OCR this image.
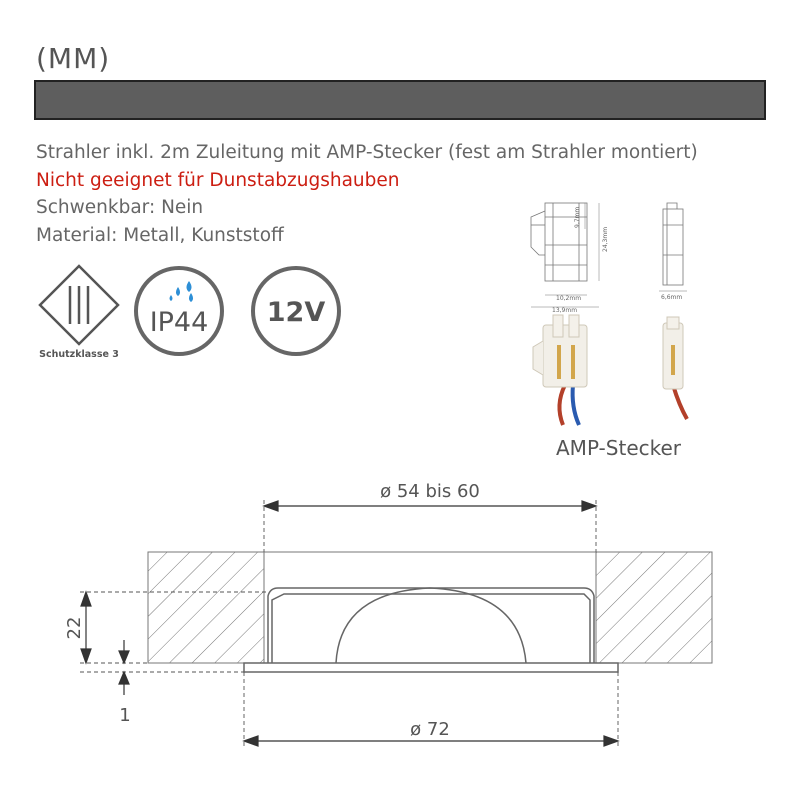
(MM)
Strahler inkl. 2m Zuleitung mit AMP-Stecker (fest am Strahler montiert)
Nicht geeignet für Dunstabzugshauben
Schwenkbar: Nein
Material: Metall, Kunststoff
Schutzklasse 3
IP44 12V
9,7mm
24,3mm
10,2mm
13,9mm
6,6mm
AMP-Stecker
ø 54 bis 60
ø 72
22
1
